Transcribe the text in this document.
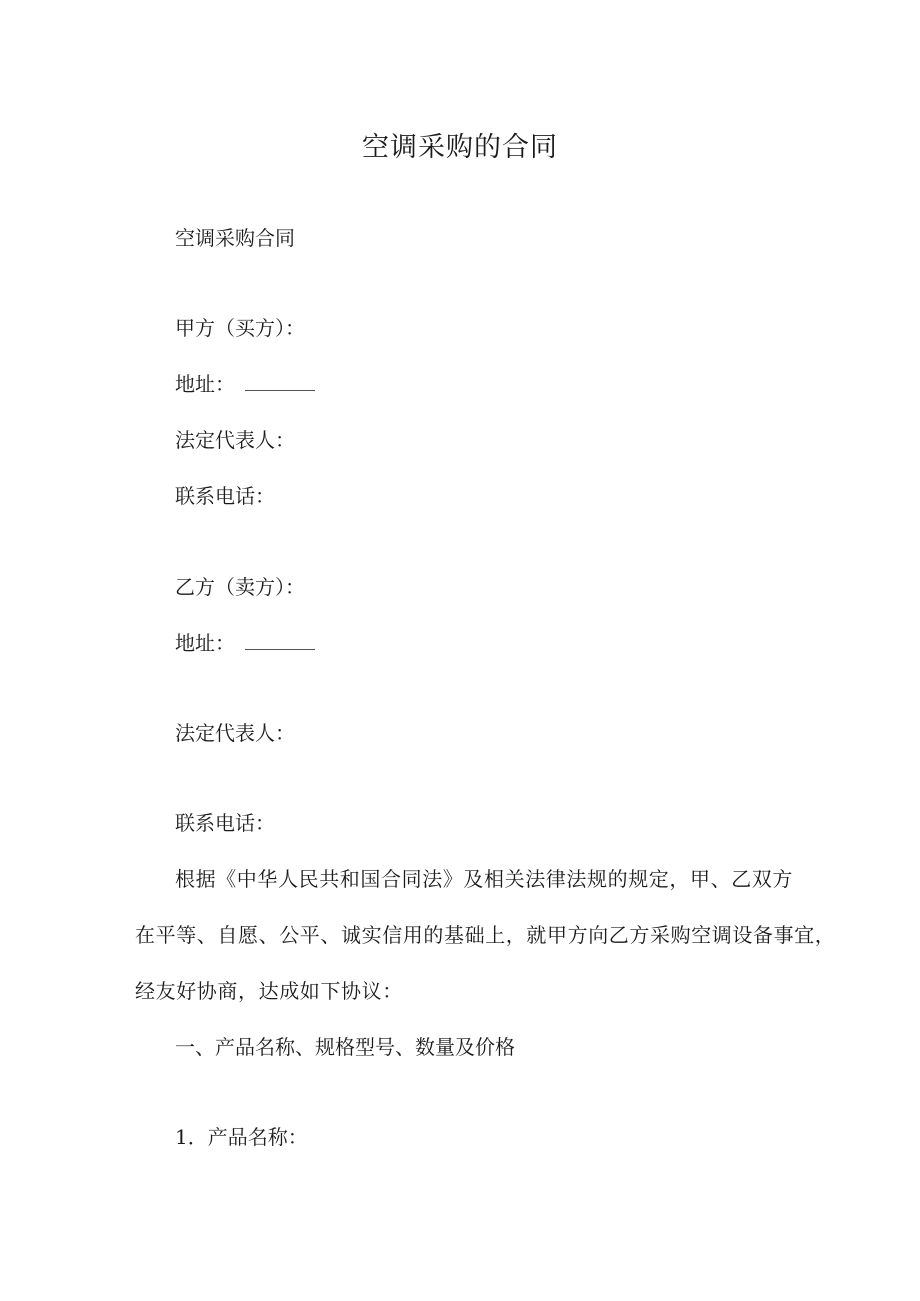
空调采购的合同
空调采购合同
甲方（买方）：
地址：
法定代表人：
联系电话：
乙方（卖方）：
地址：
法定代表人：
联系电话：
根据《中华人民共和国合同法》及相关法律法规的规定，甲、乙双方
在平等、自愿、公平、诚实信用的基础上，就甲方向乙方采购空调设备事宜，
经友好协商，达成如下协议：
一、产品名称、规格型号、数量及价格
1．产品名称：
